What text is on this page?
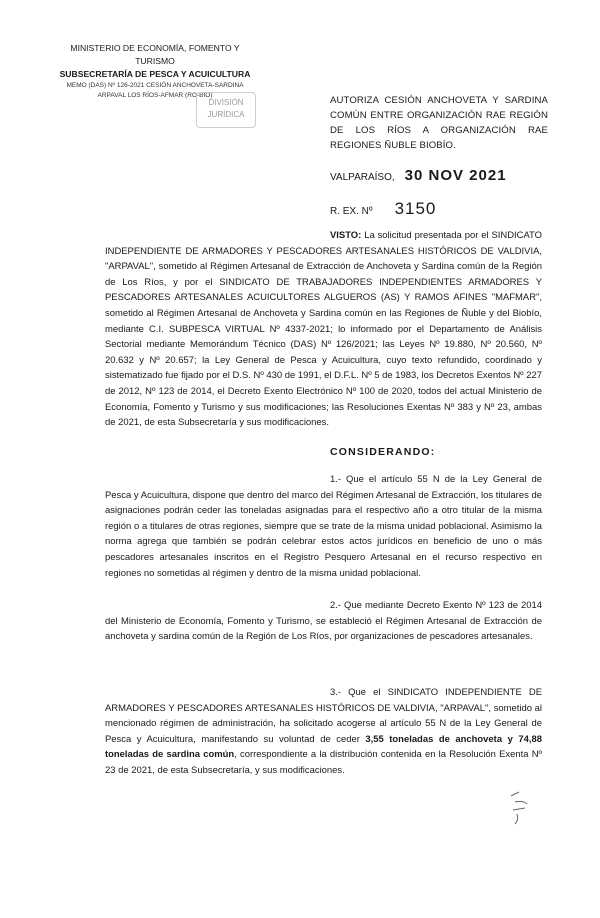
MINISTERIO DE ECONOMÍA, FOMENTO Y TURISMO
SUBSECRETARÍA DE PESCA Y ACUICULTURA
MEMO (DAS) Nº 126-2021 CESIÓN ANCHOVETA-SARDINA
ARPAVAL LOS RÍOS-AFMAR (RO-BIO)
DIVISIÓN
JURÍDICA
AUTORIZA CESIÓN ANCHOVETA Y SARDINA COMÚN ENTRE ORGANIZACIÓN RAE REGIÓN DE LOS RÍOS A ORGANIZACIÓN RAE REGIONES ÑUBLE BIOBÍO.
VALPARAÍSO, 30 NOV 2021
R. EX. Nº 3150
VISTO: La solicitud presentada por el SINDICATO INDEPENDIENTE DE ARMADORES Y PESCADORES ARTESANALES HISTÓRICOS DE VALDIVIA, "ARPAVAL", sometido al Régimen Artesanal de Extracción de Anchoveta y Sardina común de la Región de Los Ríos, y por el SINDICATO DE TRABAJADORES INDEPENDIENTES ARMADORES Y PESCADORES ARTESANALES ACUICULTORES ALGUEROS (AS) Y RAMOS AFINES "MAFMAR", sometido al Régimen Artesanal de Anchoveta y Sardina común en las Regiones de Ñuble y del Biobío, mediante C.I. SUBPESCA VIRTUAL Nº 4337-2021; lo informado por el Departamento de Análisis Sectorial mediante Memorándum Técnico (DAS) Nº 126/2021; las Leyes Nº 19.880, Nº 20.560, Nº 20.632 y Nº 20.657; la Ley General de Pesca y Acuicultura, cuyo texto refundido, coordinado y sistematizado fue fijado por el D.S. Nº 430 de 1991, el D.F.L. Nº 5 de 1983, los Decretos Exentos Nº 227 de 2012, Nº 123 de 2014, el Decreto Exento Electrónico Nº 100 de 2020, todos del actual Ministerio de Economía, Fomento y Turismo y sus modificaciones; las Resoluciones Exentas Nº 383 y Nº 23, ambas de 2021, de esta Subsecretaría y sus modificaciones.
CONSIDERANDO:
1.- Que el artículo 55 N de la Ley General de Pesca y Acuicultura, dispone que dentro del marco del Régimen Artesanal de Extracción, los titulares de asignaciones podrán ceder las toneladas asignadas para el respectivo año a otro titular de la misma región o a titulares de otras regiones, siempre que se trate de la misma unidad poblacional. Asimismo la norma agrega que también se podrán celebrar estos actos jurídicos en beneficio de uno o más pescadores artesanales inscritos en el Registro Pesquero Artesanal en el recurso respectivo en regiones no sometidas al régimen y dentro de la misma unidad poblacional.
2.- Que mediante Decreto Exento Nº 123 de 2014 del Ministerio de Economía, Fomento y Turismo, se estableció el Régimen Artesanal de Extracción de anchoveta y sardina común de la Región de Los Ríos, por organizaciones de pescadores artesanales.
3.- Que el SINDICATO INDEPENDIENTE DE ARMADORES Y PESCADORES ARTESANALES HISTÓRICOS DE VALDIVIA, "ARPAVAL", sometido al mencionado régimen de administración, ha solicitado acogerse al artículo 55 N de la Ley General de Pesca y Acuicultura, manifestando su voluntad de ceder 3,55 toneladas de anchoveta y 74,88 toneladas de sardina común, correspondiente a la distribución contenida en la Resolución Exenta Nº 23 de 2021, de esta Subsecretaría, y sus modificaciones.
